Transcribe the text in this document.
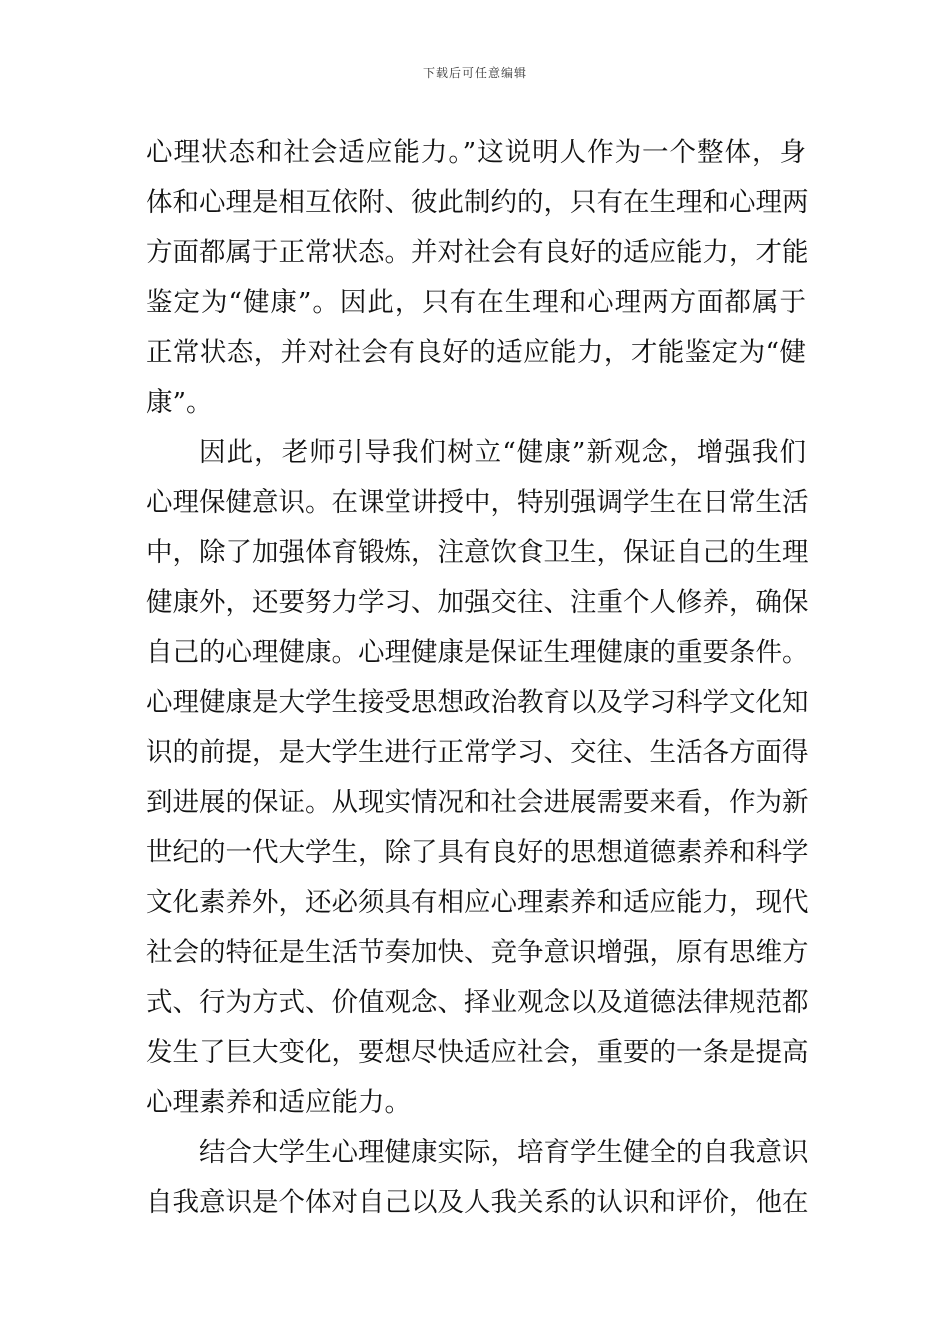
下载后可任意编辑
心理状态和社会适应能力。”这说明人作为一个整体，身
体和心理是相互依附、彼此制约的，只有在生理和心理两
方面都属于正常状态。并对社会有良好的适应能力，才能
鉴定为“健康”。因此，只有在生理和心理两方面都属于
正常状态，并对社会有良好的适应能力，才能鉴定为“健
康”。
因此，老师引导我们树立“健康”新观念，增强我们
心理保健意识。在课堂讲授中，特别强调学生在日常生活
中，除了加强体育锻炼，注意饮食卫生，保证自己的生理
健康外，还要努力学习、加强交往、注重个人修养，确保
自己的心理健康。心理健康是保证生理健康的重要条件。
心理健康是大学生接受思想政治教育以及学习科学文化知
识的前提，是大学生进行正常学习、交往、生活各方面得
到进展的保证。从现实情况和社会进展需要来看，作为新
世纪的一代大学生，除了具有良好的思想道德素养和科学
文化素养外，还必须具有相应心理素养和适应能力，现代
社会的特征是生活节奏加快、竞争意识增强，原有思维方
式、行为方式、价值观念、择业观念以及道德法律规范都
发生了巨大变化，要想尽快适应社会，重要的一条是提高
心理素养和适应能力。
结合大学生心理健康实际，培育学生健全的自我意识
自我意识是个体对自己以及人我关系的认识和评价，他在
